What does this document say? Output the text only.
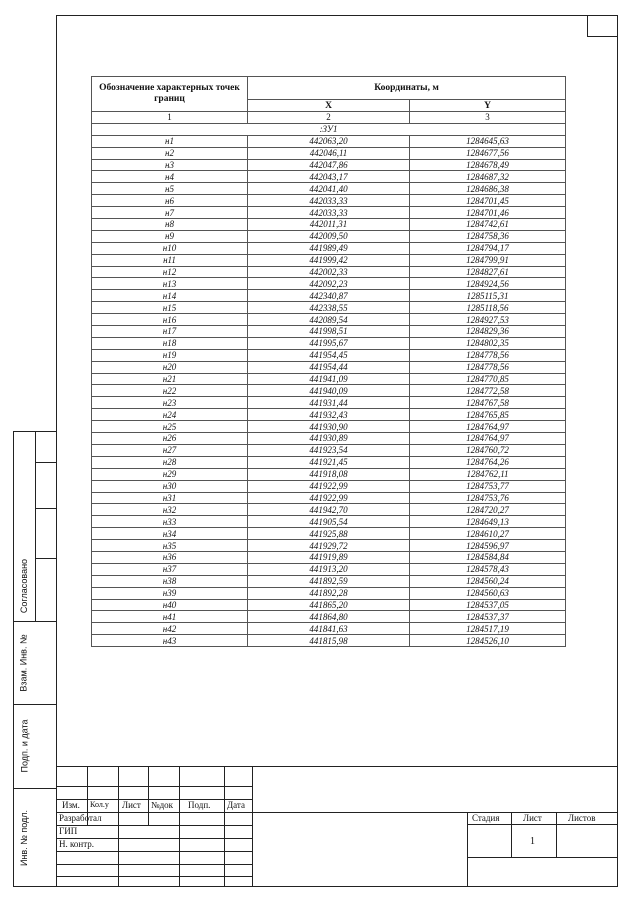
Согласовано
Взам. Инв. №
Подп. и дата
Инв. № подл.
Обозначение характерных точек границ	Координаты, м	
	X	Y
1	2	3
:ЗУ1		
н1	442063,20	1284645,63
н2	442046,11	1284677,56
н3	442047,86	1284678,49
н4	442043,17	1284687,32
н5	442041,40	1284686,38
н6	442033,33	1284701,45
н7	442033,33	1284701,46
н8	442011,31	1284742,61
н9	442009,50	1284758,36
н10	441989,49	1284794,17
н11	441999,42	1284799,91
н12	442002,33	1284827,61
н13	442092,23	1284924,56
н14	442340,87	1285115,31
н15	442338,55	1285118,56
н16	442089,54	1284927,53
н17	441998,51	1284829,36
н18	441995,67	1284802,35
н19	441954,45	1284778,56
н20	441954,44	1284778,56
н21	441941,09	1284770,85
н22	441940,09	1284772,58
н23	441931,44	1284767,58
н24	441932,43	1284765,85
н25	441930,90	1284764,97
н26	441930,89	1284764,97
н27	441923,54	1284760,72
н28	441921,45	1284764,26
н29	441918,08	1284762,11
н30	441922,99	1284753,77
н31	441922,99	1284753,76
н32	441942,70	1284720,27
н33	441905,54	1284649,13
н34	441925,88	1284610,27
н35	441929,72	1284596,97
н36	441919,89	1284584,84
н37	441913,20	1284578,43
н38	441892,59	1284560,24
н39	441892,28	1284560,63
н40	441865,20	1284537,05
н41	441864,80	1284537,37
н42	441841,63	1284517,19
н43	441815,98	1284526,10
Изм. Кол.у Лист №док Подп. Дата
Разработал
ГИП
Н. контр.
Стадия	Лист	Листов
1
